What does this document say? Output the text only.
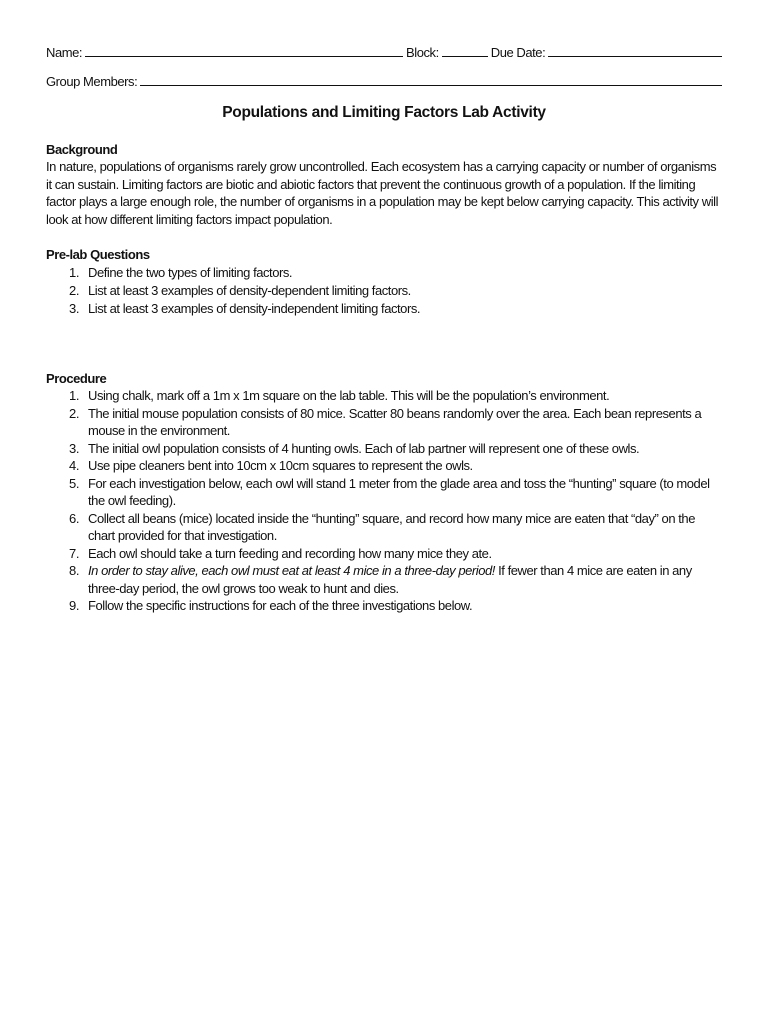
Name:	Block:	Due Date:
Group Members:
Populations and Limiting Factors Lab Activity

Background

In nature, populations of organisms rarely grow uncontrolled. Each ecosystem has a carrying capacity or number of organisms it can sustain. Limiting factors are biotic and abiotic factors that prevent the continuous growth of a population. If the limiting factor plays a large enough role, the number of organisms in a population may be kept below carrying capacity. This activity will look at how different limiting factors impact population.

Pre-lab Questions

1. Define the two types of limiting factors.
2. List at least 3 examples of density-dependent limiting factors.
3. List at least 3 examples of density-independent limiting factors.

Procedure

1. Using chalk, mark off a 1m x 1m square on the lab table. This will be the population’s environment.
2. The initial mouse population consists of 80 mice. Scatter 80 beans randomly over the area. Each bean represents a mouse in the environment.
3. The initial owl population consists of 4 hunting owls. Each of lab partner will represent one of these owls.
4. Use pipe cleaners bent into 10cm x 10cm squares to represent the owls.
5. For each investigation below, each owl will stand 1 meter from the glade area and toss the “hunting” square (to model the owl feeding).
6. Collect all beans (mice) located inside the “hunting” square, and record how many mice are eaten that “day” on the chart provided for that investigation.
7. Each owl should take a turn feeding and recording how many mice they ate.
8. In order to stay alive, each owl must eat at least 4 mice in a three-day period! If fewer than 4 mice are eaten in any three-day period, the owl grows too weak to hunt and dies.
9. Follow the specific instructions for each of the three investigations below.
